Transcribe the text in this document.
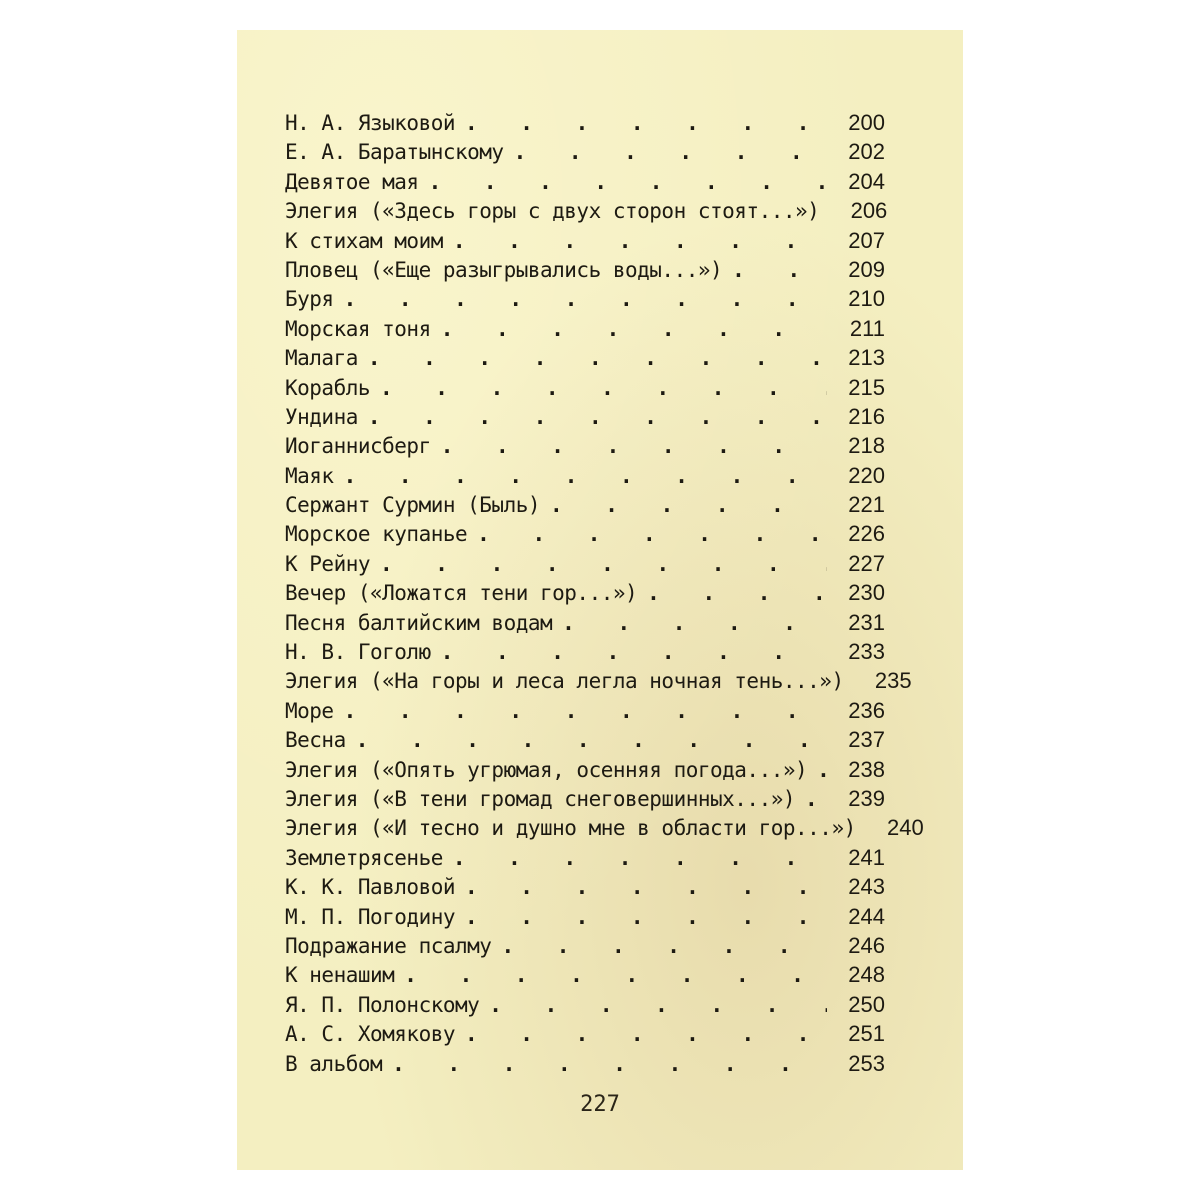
Н. А. Языковой . . .	200
Е. А. Баратынскому . . .	202
Девятое мая . . .	204
Элегия («Здесь горы с двух сторон стоят...»)	206
К стихам моим . . .	207
Пловец («Еще разыгрывались воды...») . . .	209
Буря . . .	210
Морская тоня . . .	211
Малага . . .	213
Корабль . . .	215
Ундина . . .	216
Иоганнисберг . . .	218
Маяк . . .	220
Сержант Сурмин (Быль) . . .	221
Морское купанье . . .	226
К Рейну . . .	227
Вечер («Ложатся тени гор...») . . .	230
Песня балтийским водам . . .	231
Н. В. Гоголю . . .	233
Элегия («На горы и леса легла ночная тень...»)	235
Море . . .	236
Весна . . .	237
Элегия («Опять угрюмая, осенняя погода...») . . .	238
Элегия («В тени громад снеговершинных...») . . .	239
Элегия («И тесно и душно мне в области гор...»)	240
Землетрясенье . . .	241
К. К. Павловой . . .	243
М. П. Погодину . . .	244
Подражание псалму . . .	246
К ненашим . . .	248
Я. П. Полонскому . . .	250
А. С. Хомякову . . .	251
В альбом . . .	253
227
